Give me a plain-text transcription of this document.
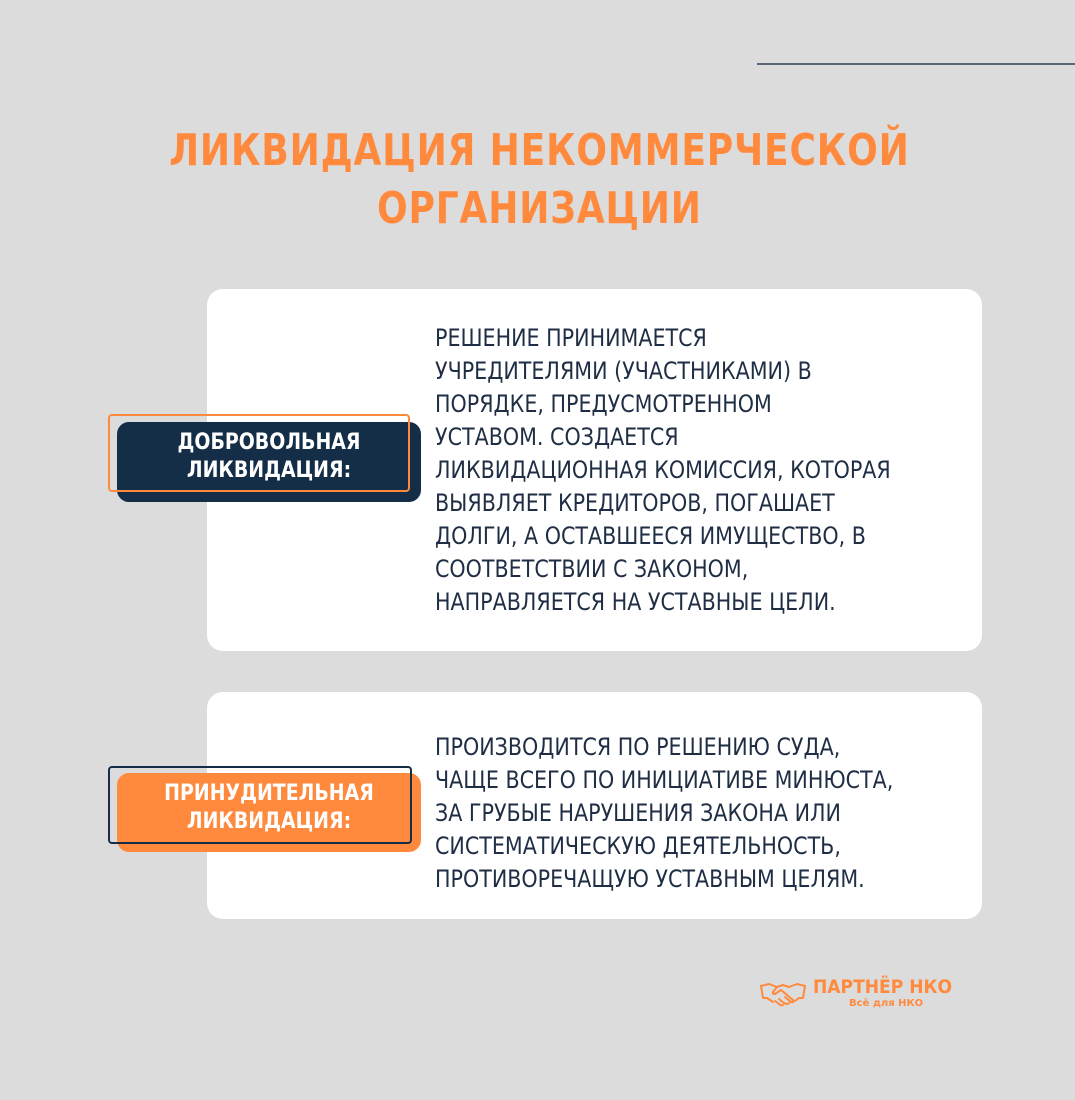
ЛИКВИДАЦИЯ НЕКОММЕРЧЕСКОЙ
ОРГАНИЗАЦИИ
РЕШЕНИЕ ПРИНИМАЕТСЯ
УЧРЕДИТЕЛЯМИ (УЧАСТНИКАМИ) В
ПОРЯДКЕ, ПРЕДУСМОТРЕННОМ
УСТАВОМ. СОЗДАЕТСЯ
ЛИКВИДАЦИОННАЯ КОМИССИЯ, КОТОРАЯ
ВЫЯВЛЯЕТ КРЕДИТОРОВ, ПОГАШАЕТ
ДОЛГИ, А ОСТАВШЕЕСЯ ИМУЩЕСТВО, В
СООТВЕТСТВИИ С ЗАКОНОМ,
НАПРАВЛЯЕТСЯ НА УСТАВНЫЕ ЦЕЛИ.
ДОБРОВОЛЬНАЯ
ЛИКВИДАЦИЯ:
ПРОИЗВОДИТСЯ ПО РЕШЕНИЮ СУДА,
ЧАЩЕ ВСЕГО ПО ИНИЦИАТИВЕ МИНЮСТА,
ЗА ГРУБЫЕ НАРУШЕНИЯ ЗАКОНА ИЛИ
СИСТЕМАТИЧЕСКУЮ ДЕЯТЕЛЬНОСТЬ,
ПРОТИВОРЕЧАЩУЮ УСТАВНЫМ ЦЕЛЯМ.
ПРИНУДИТЕЛЬНАЯ
ЛИКВИДАЦИЯ:
ПАРТНЁР НКО
Всё для НКО
